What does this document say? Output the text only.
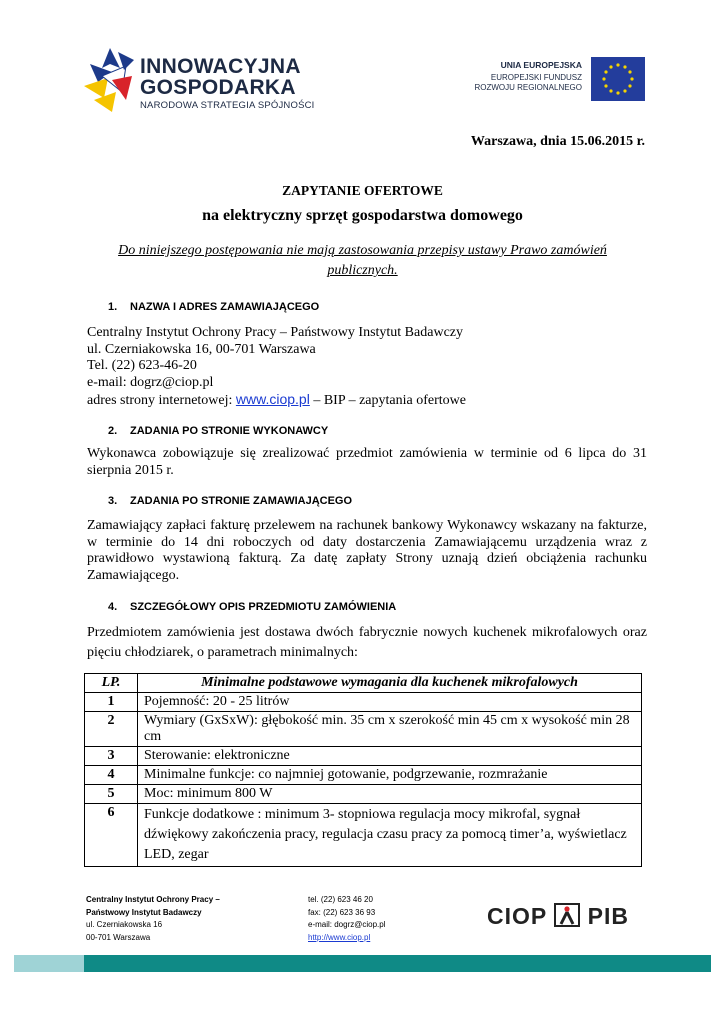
INNOWACYJNA
GOSPODARKA
NARODOWA STRATEGIA SPÓJNOŚCI
UNIA EUROPEJSKA
EUROPEJSKI FUNDUSZ
ROZWOJU REGIONALNEGO
Warszawa, dnia 15.06.2015 r.
ZAPYTANIE OFERTOWE
na elektryczny sprzęt gospodarstwa domowego
Do niniejszego postępowania nie mają zastosowania przepisy ustawy Prawo zamówień publicznych.
1. NAZWA I ADRES ZAMAWIAJĄCEGO
Centralny Instytut Ochrony Pracy – Państwowy Instytut Badawczy
ul. Czerniakowska 16, 00-701 Warszawa
Tel. (22) 623-46-20
e-mail: dogrz@ciop.pl
adres strony internetowej: www.ciop.pl – BIP – zapytania ofertowe
2. ZADANIA PO STRONIE WYKONAWCY
Wykonawca zobowiązuje się zrealizować przedmiot zamówienia w terminie od 6 lipca do 31 sierpnia 2015 r.
3. ZADANIA PO STRONIE ZAMAWIAJĄCEGO
Zamawiający zapłaci fakturę przelewem na rachunek bankowy Wykonawcy wskazany na fakturze, w terminie do 14 dni roboczych od daty dostarczenia Zamawiającemu urządzenia wraz z prawidłowo wystawioną fakturą. Za datę zapłaty Strony uznają dzień obciążenia rachunku Zamawiającego.
4. SZCZEGÓŁOWY OPIS PRZEDMIOTU ZAMÓWIENIA
Przedmiotem zamówienia jest dostawa dwóch fabrycznie nowych kuchenek mikrofalowych oraz pięciu chłodziarek, o parametrach minimalnych:
LP.	Minimalne podstawowe wymagania dla kuchenek mikrofalowych
1	Pojemność: 20 - 25 litrów
2	Wymiary (GxSxW): głębokość min. 35 cm x szerokość min 45 cm x wysokość min 28 cm
3	Sterowanie: elektroniczne
4	Minimalne funkcje: co najmniej gotowanie, podgrzewanie, rozmrażanie
5	Moc: minimum 800 W
6	Funkcje dodatkowe : minimum 3- stopniowa regulacja mocy mikrofal, sygnał dźwiękowy zakończenia pracy, regulacja czasu pracy za pomocą timer’a, wyświetlacz LED, zegar
Centralny Instytut Ochrony Pracy –
Państwowy Instytut Badawczy
ul. Czerniakowska 16
00-701 Warszawa
tel. (22) 623 46 20
fax: (22) 623 36 93
e-mail: dogrz@ciop.pl
http://www.ciop.pl
CIOP PIB
